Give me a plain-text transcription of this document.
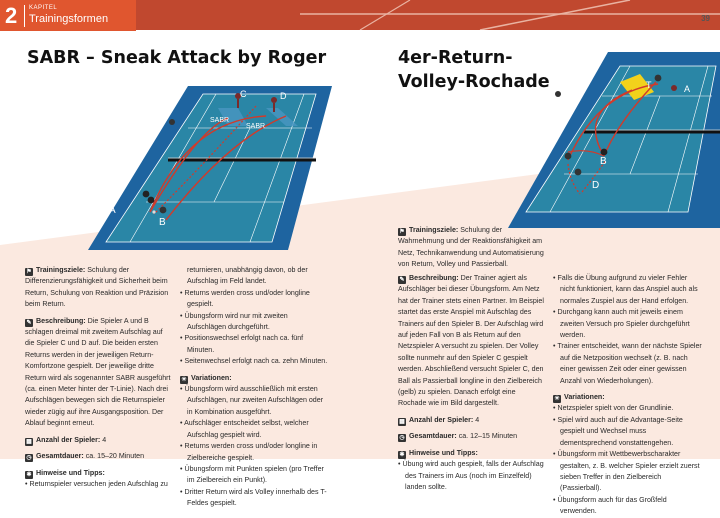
2 KAPITEL
Trainingsformen	39
SABR – Sneak Attack by Roger
C	D
T	SABR
SABR
A
B
4er-Return-
Volley-Rochade	T	A
B
C
D

⚑ Trainingsziele: Schulung der Differenzierungsfähigkeit und Sicherheit beim Return, Schulung von Reaktion und Präzision beim Return.

✎ Beschreibung: Die Spieler A und B schlagen dreimal mit zweitem Aufschlag auf die Spieler C und D auf. Die beiden ersten Returns werden in der jeweiligen Return-Komfortzone gespielt. Der jeweilige dritte Return wird als sogenannter SABR ausgeführt (ca. einen Meter hinter der T-Linie). Nach drei Aufschlägen bewegen sich die Returnspieler wieder zügig auf ihre Ausgangsposition. Der Ablauf beginnt erneut.

▦ Anzahl der Spieler: 4

◷ Gesamtdauer: ca. 15–20 Minuten

✱ Hinweise und Tipps:

• Returnspieler versuchen jeden Aufschlag zu
returnieren, unabhängig davon, ob der Aufschlag im Feld landet.
• Returns werden cross und/oder longline gespielt.
• Übungsform wird nur mit zweiten Aufschlägen durchgeführt.
• Positionswechsel erfolgt nach ca. fünf Minuten.
• Seitenwechsel erfolgt nach ca. zehn Minuten.

✳ Variationen:

• Übungsform wird ausschließlich mit ersten Aufschlägen, nur zweiten Aufschlägen oder in Kombination ausgeführt.
• Aufschläger entscheidet selbst, welcher Aufschlag gespielt wird.
• Returns werden cross und/oder longline in Zielbereiche gespielt.
• Übungsform mit Punkten spielen (pro Treffer im Zielbereich ein Punkt).
• Dritter Return wird als Volley innerhalb des T-Feldes gespielt.

⚑ Trainingsziele: Schulung der Wahrnehmung und der Reaktionsfähigkeit am Netz, Technikanwendung und Automatisierung von Return, Volley und Passierball.

✎ Beschreibung: Der Trainer agiert als Aufschläger bei dieser Übungsform. Am Netz hat der Trainer stets einen Partner. Im Beispiel startet das erste Anspiel mit Aufschlag des Trainers auf den Spieler B. Der Aufschlag wird auf jeden Fall von B als Return auf den Netzspieler A versucht zu spielen. Der Volley sollte nunmehr auf den Spieler C gespielt werden. Abschließend versucht Spieler C, den Ball als Passierball longline in den Zielbereich (gelb) zu spielen. Danach erfolgt eine Rochade wie im Bild dargestellt.

▦ Anzahl der Spieler: 4

◷ Gesamtdauer: ca. 12–15 Minuten

✱ Hinweise und Tipps:

• Übung wird auch gespielt, falls der Aufschlag des Trainers im Aus (noch im Einzelfeld) landen sollte.
• Falls die Übung aufgrund zu vieler Fehler nicht funktioniert, kann das Anspiel auch als normales Zuspiel aus der Hand erfolgen.
• Durchgang kann auch mit jeweils einem zweiten Versuch pro Spieler durchgeführt werden.
• Trainer entscheidet, wann der nächste Spieler auf die Netzposition wechselt (z. B. nach einer gewissen Zeit oder einer gewissen Anzahl von Wiederholungen).

✳ Variationen:

• Netzspieler spielt von der Grundlinie.
• Spiel wird auch auf die Advantage-Seite gespielt und Wechsel muss dementsprechend vonstattengehen.
• Übungsform mit Wettbewerbscharakter gestalten, z. B. welcher Spieler erzielt zuerst sieben Treffer in den Zielbereich (Passierball).
• Übungsform auch für das Großfeld verwenden.
